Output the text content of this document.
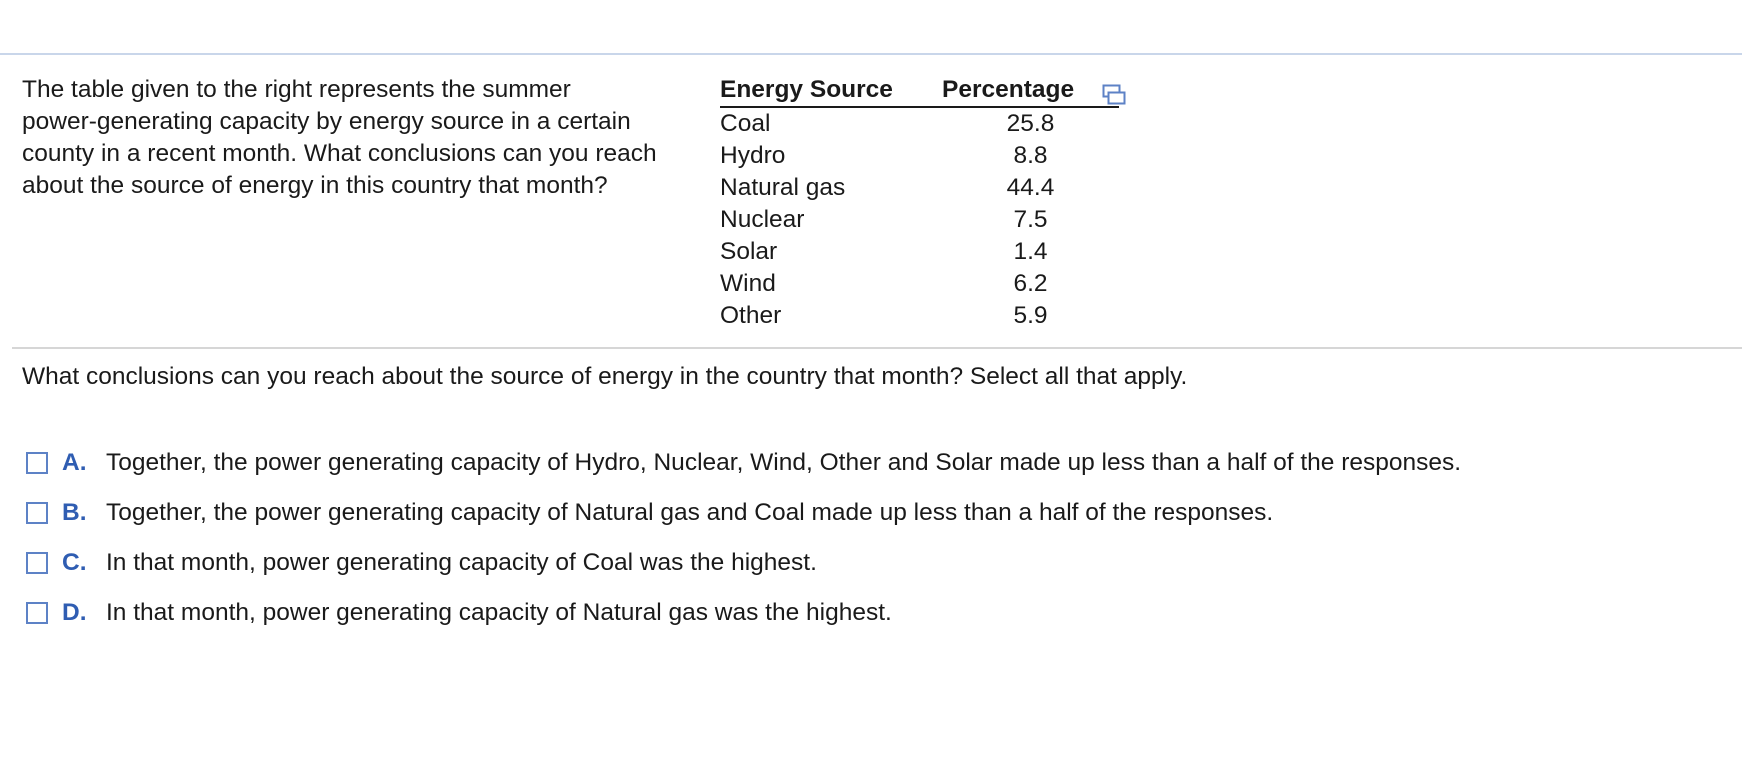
The table given to the right represents the summer
power-generating capacity by energy source in a certain
county in a recent month. What conclusions can you reach
about the source of energy in this country that month?
Energy Source	Percentage
Coal	25.8
Hydro	8.8
Natural gas	44.4
Nuclear	7.5
Solar	1.4
Wind	6.2
Other	5.9
What conclusions can you reach about the source of energy in the country that month? Select all that apply.
A. Together, the power generating capacity of Hydro, Nuclear, Wind, Other and Solar made up less than a half of the responses.
B. Together, the power generating capacity of Natural gas and Coal made up less than a half of the responses.
C. In that month, power generating capacity of Coal was the highest.
D. In that month, power generating capacity of Natural gas was the highest.
